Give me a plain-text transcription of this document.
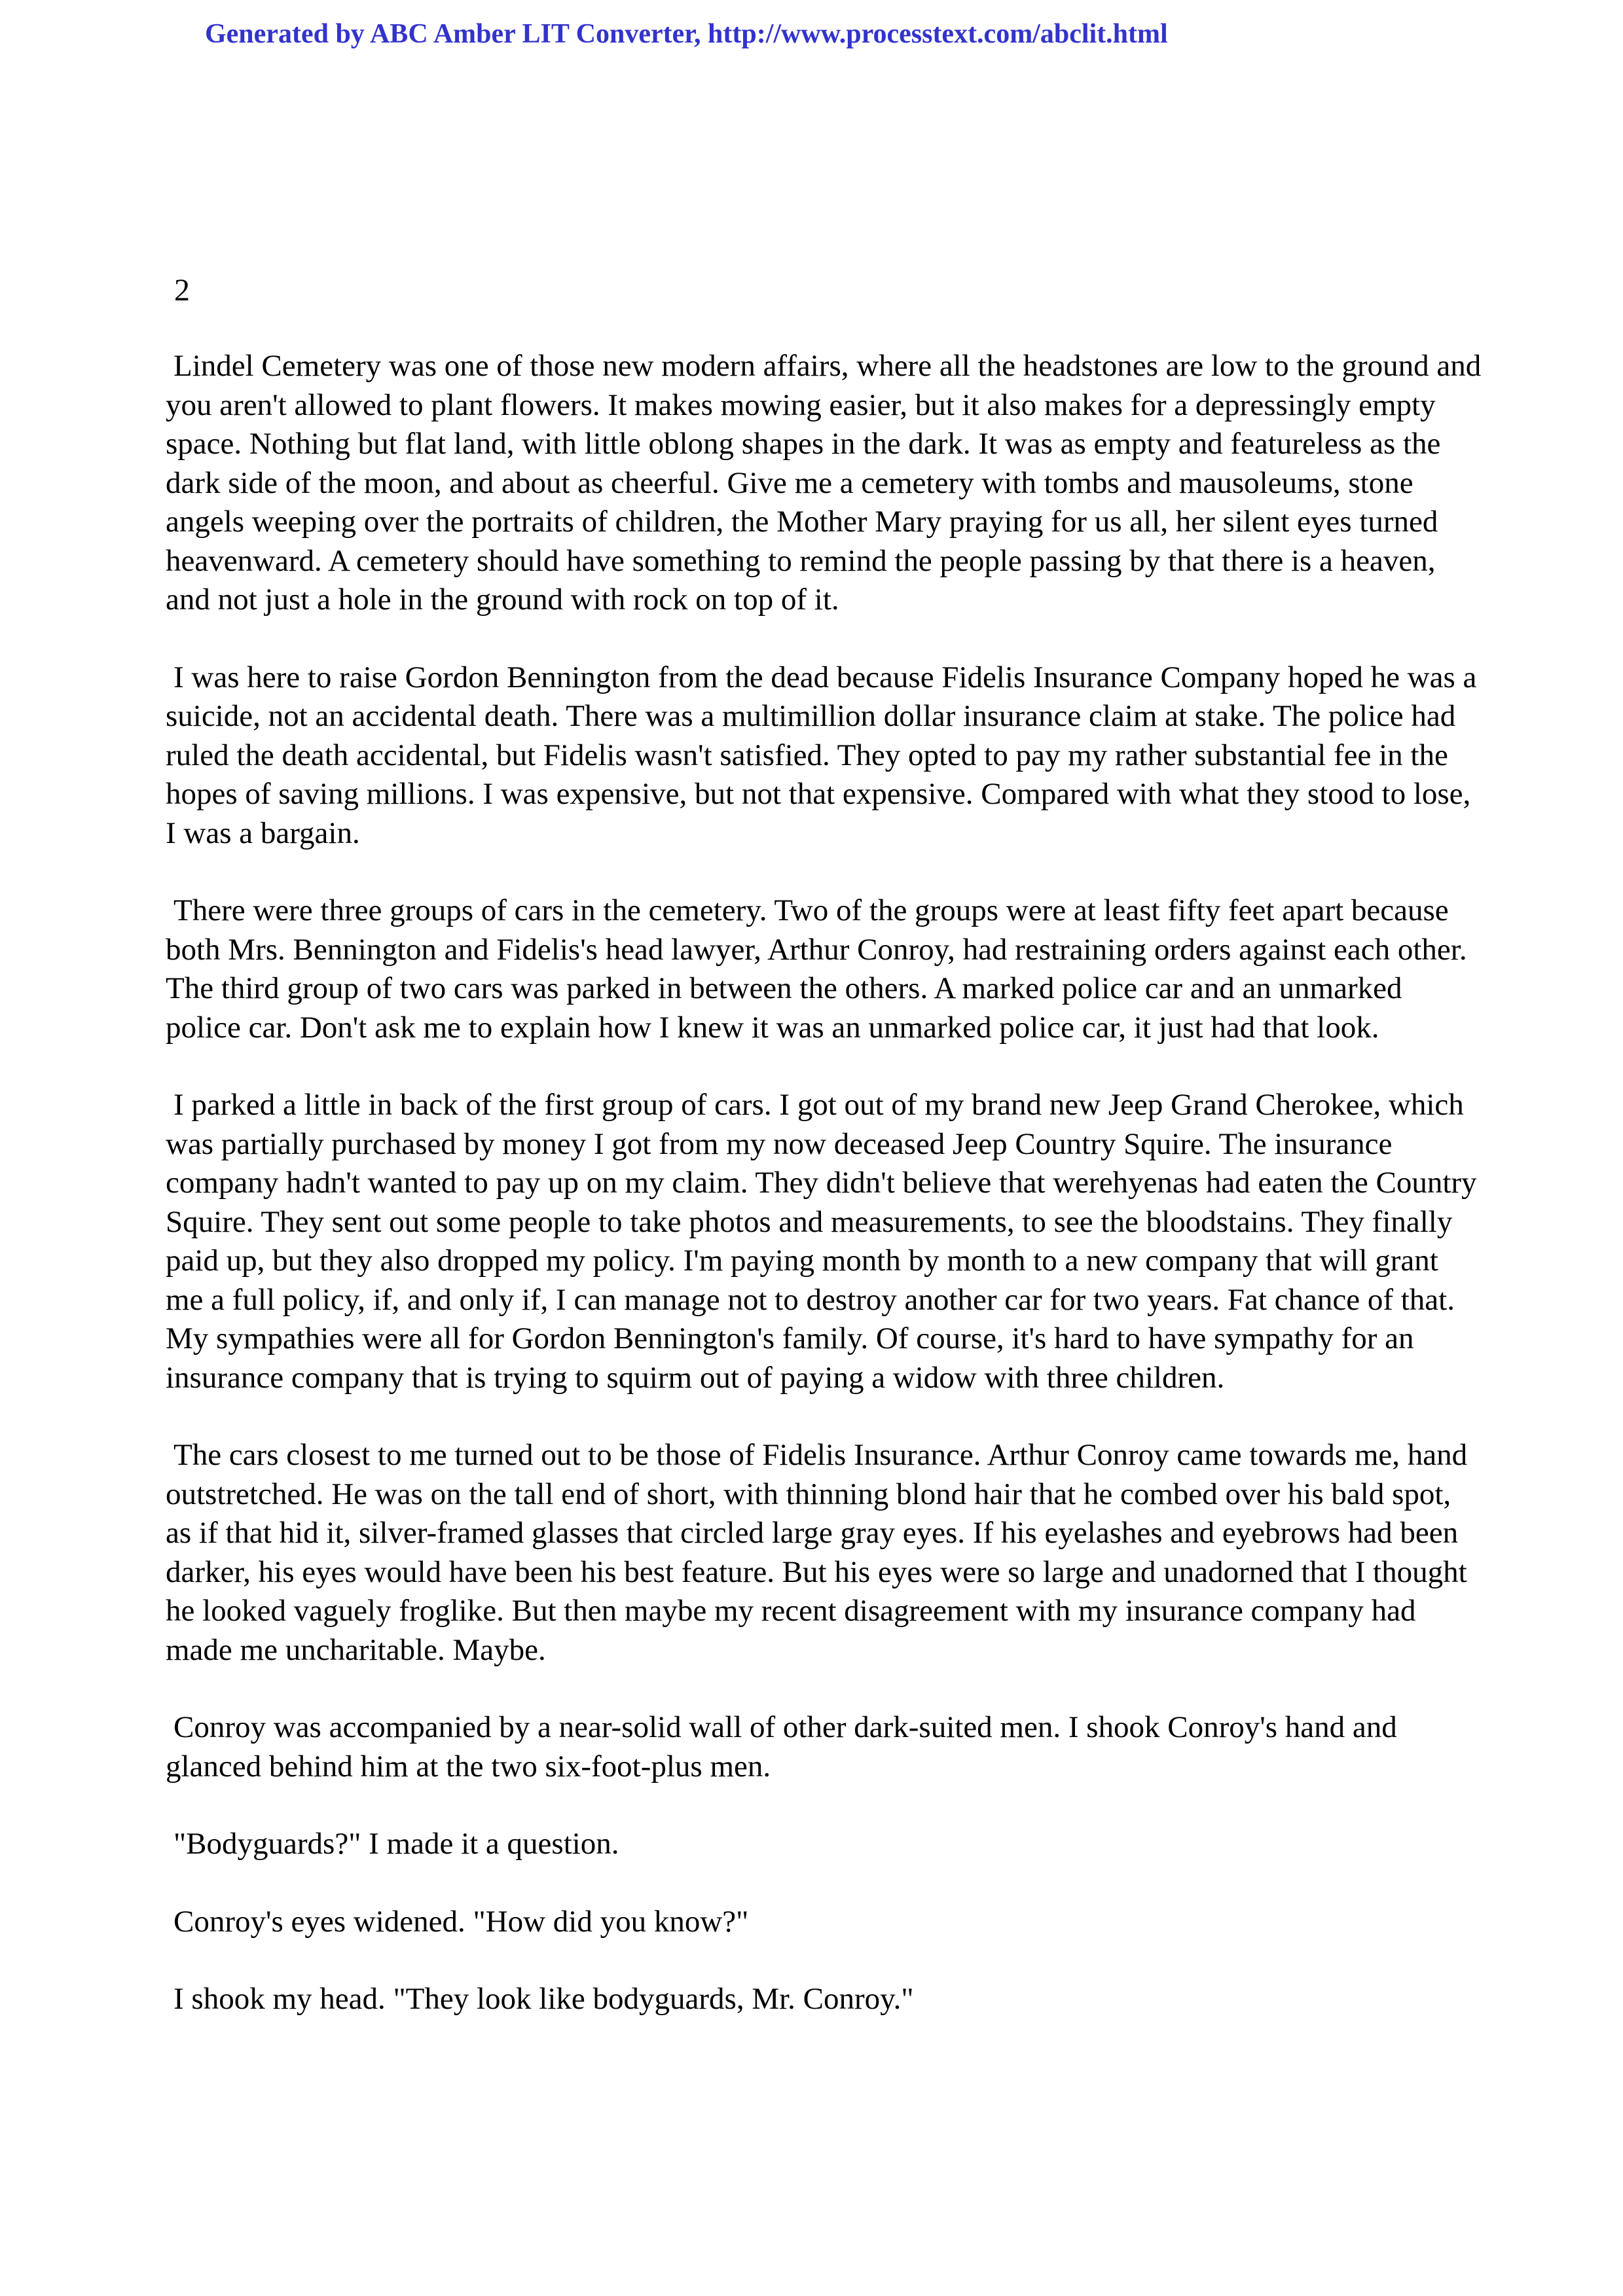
Generated by ABC Amber LIT Converter, http://www.processtext.com/abclit.html
2

Lindel Cemetery was one of those new modern affairs, where all the headstones are low to the ground and you aren't allowed to plant flowers. It makes mowing easier, but it also makes for a depressingly empty space. Nothing but flat land, with little oblong shapes in the dark. It was as empty and featureless as the dark side of the moon, and about as cheerful. Give me a cemetery with tombs and mausoleums, stone angels weeping over the portraits of children, the Mother Mary praying for us all, her silent eyes turned heavenward. A cemetery should have something to remind the people passing by that there is a heaven, and not just a hole in the ground with rock on top of it.

I was here to raise Gordon Bennington from the dead because Fidelis Insurance Company hoped he was a suicide, not an accidental death. There was a multimillion dollar insurance claim at stake. The police had ruled the death accidental, but Fidelis wasn't satisfied. They opted to pay my rather substantial fee in the hopes of saving millions. I was expensive, but not that expensive. Compared with what they stood to lose, I was a bargain.

There were three groups of cars in the cemetery. Two of the groups were at least fifty feet apart because both Mrs. Bennington and Fidelis's head lawyer, Arthur Conroy, had restraining orders against each other. The third group of two cars was parked in between the others. A marked police car and an unmarked police car. Don't ask me to explain how I knew it was an unmarked police car, it just had that look.

I parked a little in back of the first group of cars. I got out of my brand new Jeep Grand Cherokee, which was partially purchased by money I got from my now deceased Jeep Country Squire. The insurance company hadn't wanted to pay up on my claim. They didn't believe that werehyenas had eaten the Country Squire. They sent out some people to take photos and measurements, to see the bloodstains. They finally paid up, but they also dropped my policy. I'm paying month by month to a new company that will grant me a full policy, if, and only if, I can manage not to destroy another car for two years. Fat chance of that. My sympathies were all for Gordon Bennington's family. Of course, it's hard to have sympathy for an insurance company that is trying to squirm out of paying a widow with three children.

The cars closest to me turned out to be those of Fidelis Insurance. Arthur Conroy came towards me, hand outstretched. He was on the tall end of short, with thinning blond hair that he combed over his bald spot, as if that hid it, silver-framed glasses that circled large gray eyes. If his eyelashes and eyebrows had been darker, his eyes would have been his best feature. But his eyes were so large and unadorned that I thought he looked vaguely froglike. But then maybe my recent disagreement with my insurance company had made me uncharitable. Maybe.

Conroy was accompanied by a near-solid wall of other dark-suited men. I shook Conroy's hand and glanced behind him at the two six-foot-plus men.

"Bodyguards?" I made it a question.

Conroy's eyes widened. "How did you know?"

I shook my head. "They look like bodyguards, Mr. Conroy."
